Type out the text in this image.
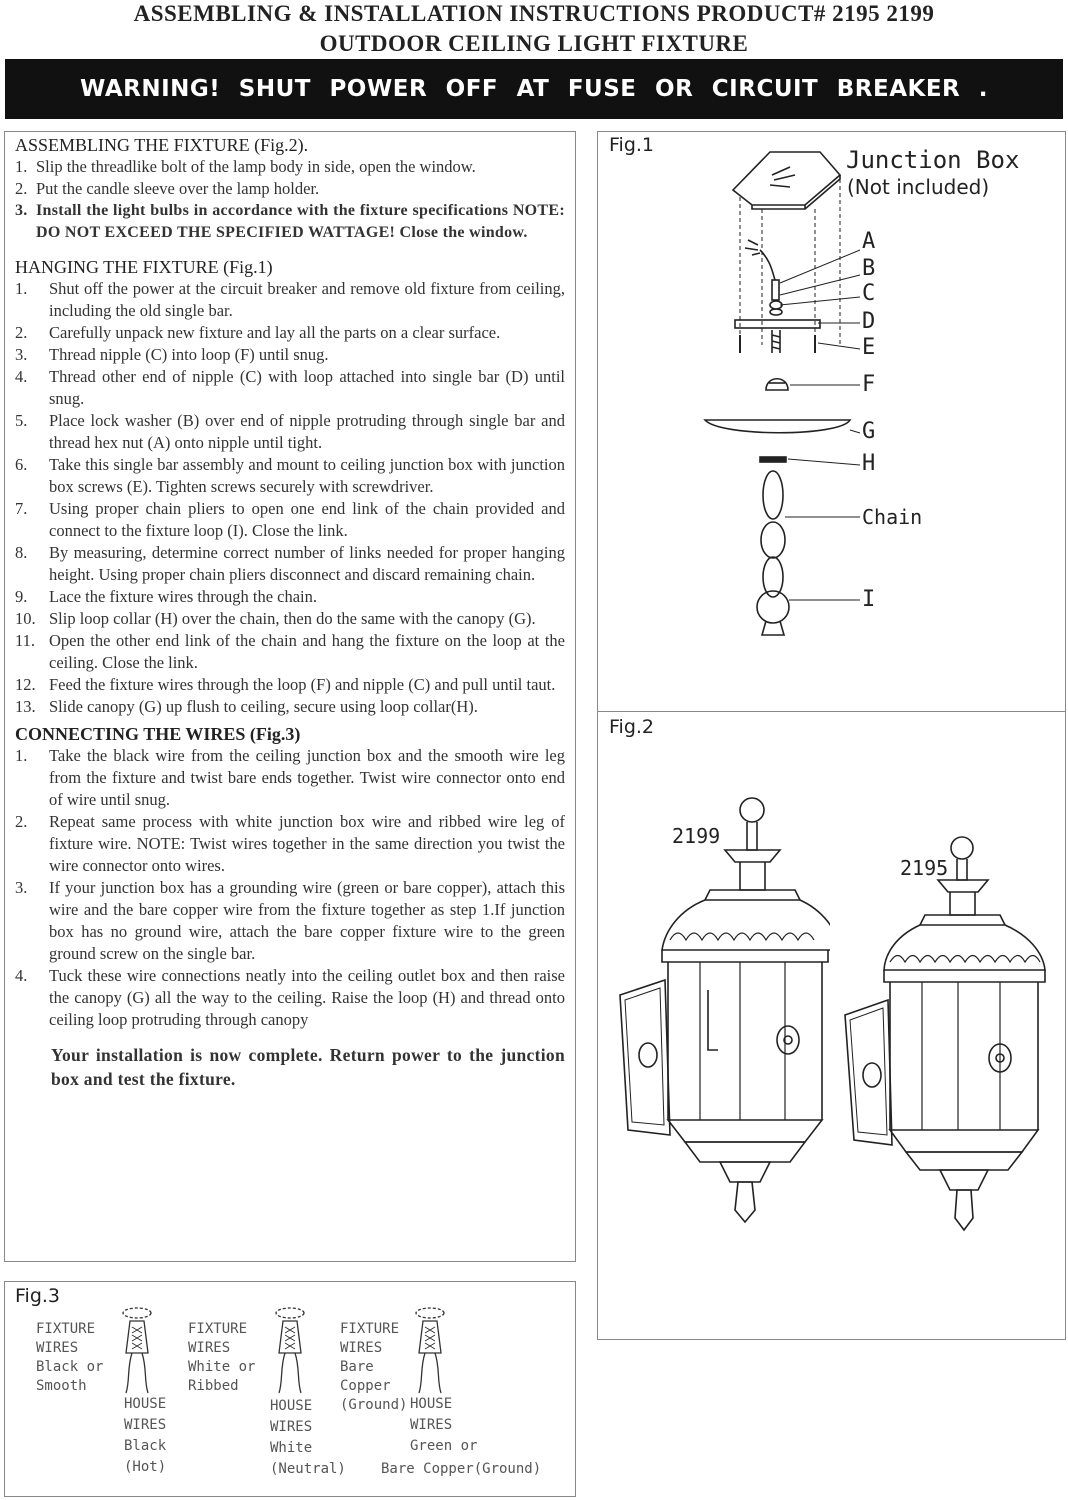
ASSEMBLING & INSTALLATION INSTRUCTIONS PRODUCT# 2195 2199
OUTDOOR CEILING LIGHT FIXTURE
WARNING! SHUT POWER OFF AT FUSE OR CIRCUIT BREAKER .
ASSEMBLING THE FIXTURE (Fig.2).
1. Slip the threadlike bolt of the lamp body in side, open the window.
2. Put the candle sleeve over the lamp holder.
3. Install the light bulbs in accordance with the fixture specifications NOTE: DO NOT EXCEED THE SPECIFIED WATTAGE! Close the window.
HANGING THE FIXTURE (Fig.1)
1.	Shut off the power at the circuit breaker and remove old fixture from ceiling, including the old single bar.
2.	Carefully unpack new fixture and lay all the parts on a clear surface.
3.	Thread nipple (C) into loop (F) until snug.
4.	Thread other end of nipple (C) with loop attached into single bar (D) until snug.
5.	Place lock washer (B) over end of nipple protruding through single bar and thread hex nut (A) onto nipple until tight.
6.	Take this single bar assembly and mount to ceiling junction box with junction box screws (E). Tighten screws securely with screwdriver.
7.	Using proper chain pliers to open one end link of the chain provided and connect to the fixture loop (I). Close the link.
8.	By measuring, determine correct number of links needed for proper hanging height. Using proper chain pliers disconnect and discard remaining chain.
9.	Lace the fixture wires through the chain.
10. Slip loop collar (H) over the chain, then do the same with the canopy (G).
11. Open the other end link of the chain and hang the fixture on the loop at the ceiling. Close the link.
12. Feed the fixture wires through the loop (F) and nipple (C) and pull until taut.
13. Slide canopy (G) up flush to ceiling, secure using loop collar(H).
CONNECTING THE WIRES (Fig.3)
1.	Take the black wire from the ceiling junction box and the smooth wire leg from the fixture and twist bare ends together. Twist wire connector onto end of wire until snug.
2.	Repeat same process with white junction box wire and ribbed wire leg of fixture wire. NOTE: Twist wires together in the same direction you twist the wire connector onto wires.
3.	If your junction box has a grounding wire (green or bare copper), attach this wire and the bare copper wire from the fixture together as step 1.If junction box has no ground wire, attach the bare copper fixture wire to the green ground screw on the single bar.
4.	Tuck these wire connections neatly into the ceiling outlet box and then raise the canopy (G) all the way to the ceiling. Raise the loop (H) and thread onto ceiling loop protruding through canopy
Your installation is now complete. Return power to the junction box and test the fixture.
Fig.1
Junction Box
(Not included)
A
B
C
D
E
F
G
H
Chain
I
Fig.2
2199
2195
Fig.3
FIXTURE
WIRES
Black or
Smooth
HOUSE
WIRES
Black
(Hot)
FIXTURE
WIRES
White or
Ribbed
HOUSE
WIRES
White
(Neutral)
FIXTURE
WIRES
Bare
Copper
(Ground) HOUSE
WIRES
Green or
Bare Copper(Ground)
